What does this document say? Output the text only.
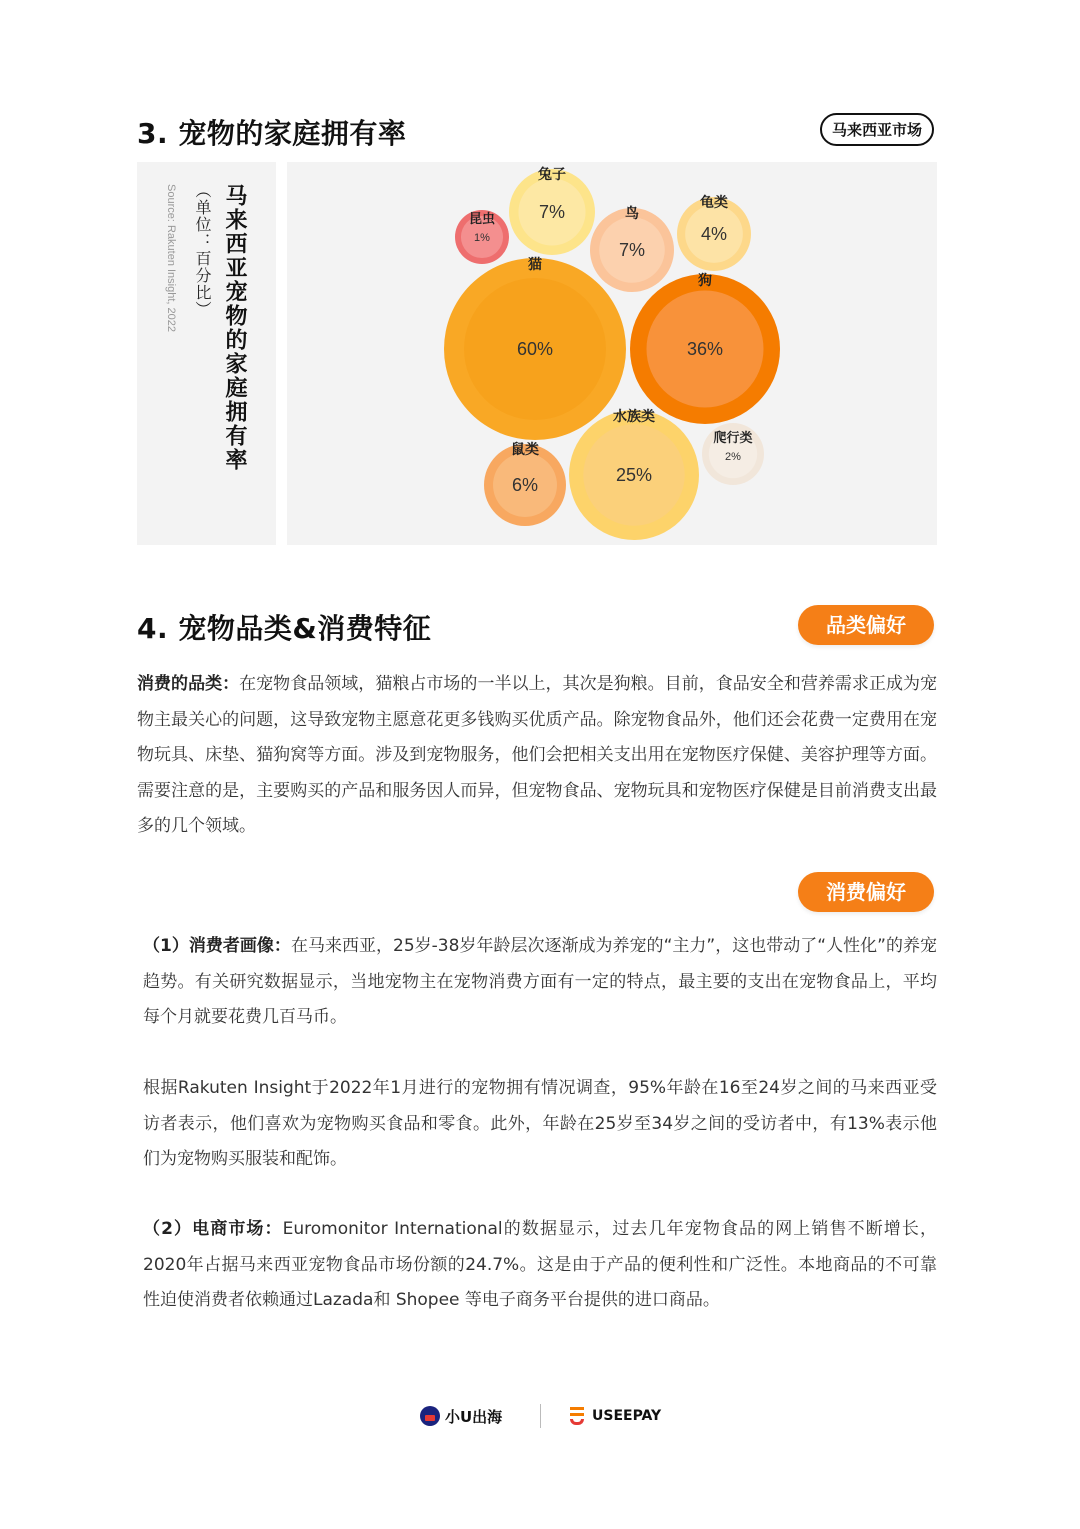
3. 宠物的家庭拥有率	马来西亚市场
马来西亚宠物的家庭拥有率
（单位：百分比）
Source: Rakuten Insight, 2022	猫
60%
狗
36%
水族类
25%
兔子
7%	鸟
7%
鼠类
6%
龟类
4%
爬行类
2%
昆虫
1%
4. 宠物品类&消费特征	品类偏好
消费的品类：在宠物食品领域，猫粮占市场的一半以上，其次是狗粮。目前，食品安全和营养需求正成为宠物主最关心的问题，这导致宠物主愿意花更多钱购买优质产品。除宠物食品外，他们还会花费一定费用在宠物玩具、床垫、猫狗窝等方面。涉及到宠物服务，他们会把相关支出用在宠物医疗保健、美容护理等方面。需要注意的是，主要购买的产品和服务因人而异，但宠物食品、宠物玩具和宠物医疗保健是目前消费支出最多的几个领域。
消费偏好
（1）消费者画像：在马来西亚，25岁-38岁年龄层次逐渐成为养宠的“主力”，这也带动了“人性化”的养宠趋势。有关研究数据显示，当地宠物主在宠物消费方面有一定的特点，最主要的支出在宠物食品上，平均每个月就要花费几百马币。
根据Rakuten Insight于2022年1月进行的宠物拥有情况调查，95%年龄在16至24岁之间的马来西亚受访者表示，他们喜欢为宠物购买食品和零食。此外，年龄在25岁至34岁之间的受访者中，有13%表示他们为宠物购买服装和配饰。
（2）电商市场：Euromonitor International的数据显示，过去几年宠物食品的网上销售不断增长，2020年占据马来西亚宠物食品市场份额的24.7%。这是由于产品的便利性和广泛性。本地商品的不可靠性迫使消费者依赖通过Lazada和 Shopee 等电子商务平台提供的进口商品。
小U出海	USEEPAY
